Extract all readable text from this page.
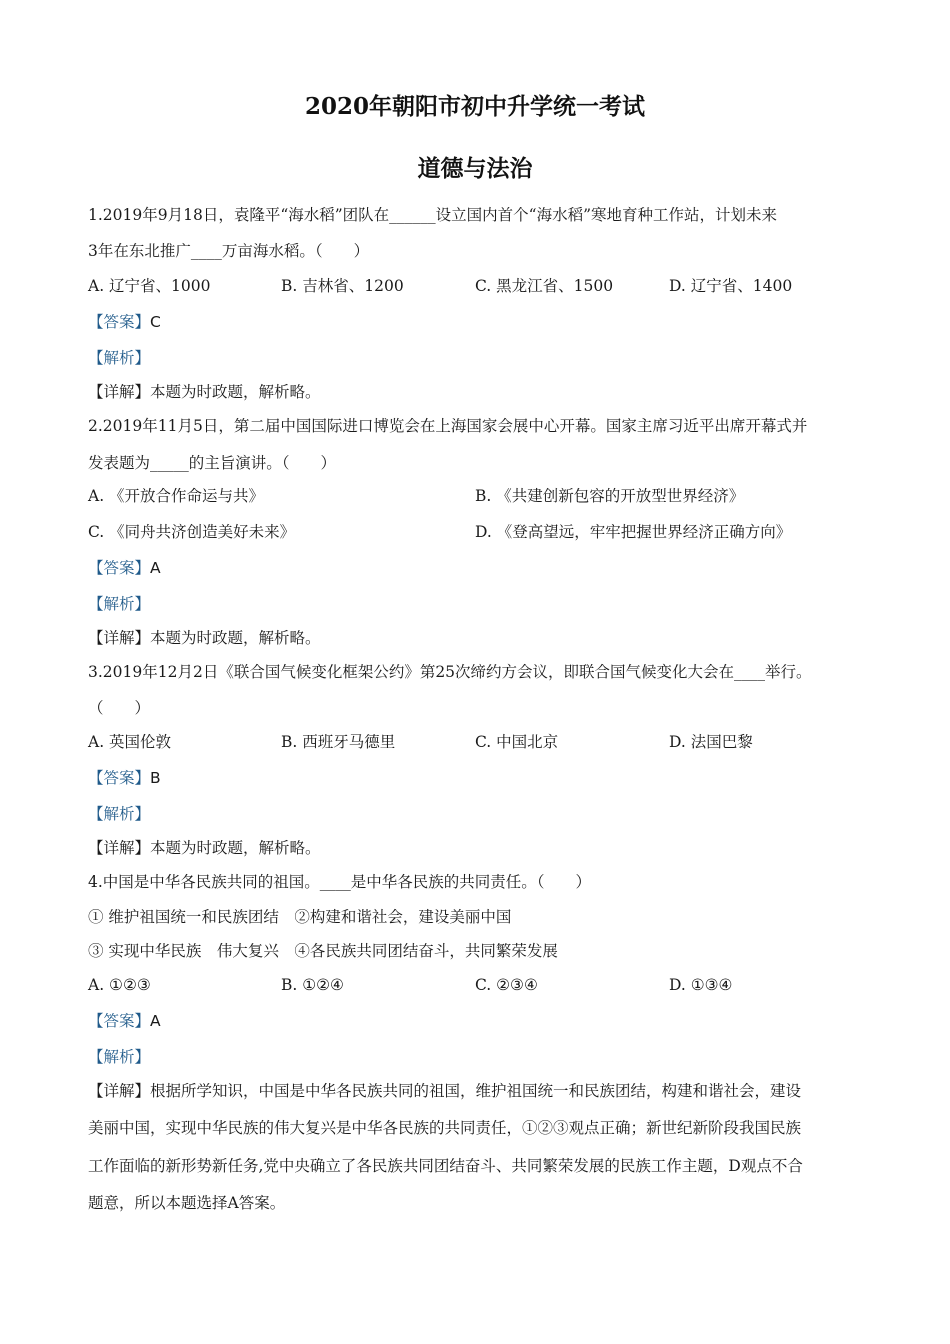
2020年朝阳市初中升学统一考试
道德与法治
1.2019年9月18日，袁隆平“海水稻”团队在______设立国内首个“海水稻”寒地育种工作站，计划未来
3年在东北推广____万亩海水稻。（　　）
A. 辽宁省、1000	B. 吉林省、1200	C. 黑龙江省、1500	D. 辽宁省、1400
【答案】C
【解析】
【详解】本题为时政题，解析略。
2.2019年11月5日，第二届中国国际进口博览会在上海国家会展中心开幕。国家主席习近平出席开幕式并
发表题为_____的主旨演讲。（　　）
A. 《开放合作命运与共》	B. 《共建创新包容的开放型世界经济》
C. 《同舟共济创造美好未来》	D. 《登高望远，牢牢把握世界经济正确方向》
【答案】A
【解析】
【详解】本题为时政题，解析略。
3.2019年12月2日《联合国气候变化框架公约》第25次缔约方会议，即联合国气候变化大会在____举行。
（　　）
A. 英国伦敦	B. 西班牙马德里	C. 中国北京	D. 法国巴黎
【答案】B
【解析】
【详解】本题为时政题，解析略。
4.中国是中华各民族共同的祖国。____是中华各民族的共同责任。（　　）
① 维护祖国统一和民族团结　②构建和谐社会，建设美丽中国
③ 实现中华民族　伟大复兴　④各民族共同团结奋斗，共同繁荣发展
A. ①②③	B. ①②④	C. ②③④	D. ①③④
【答案】A
【解析】
【详解】根据所学知识，中国是中华各民族共同的祖国，维护祖国统一和民族团结，构建和谐社会，建设
美丽中国，实现中华民族的伟大复兴是中华各民族的共同责任，①②③观点正确；新世纪新阶段我国民族
工作面临的新形势新任务,党中央确立了各民族共同团结奋斗、共同繁荣发展的民族工作主题，D观点不合
题意，所以本题选择A答案。
